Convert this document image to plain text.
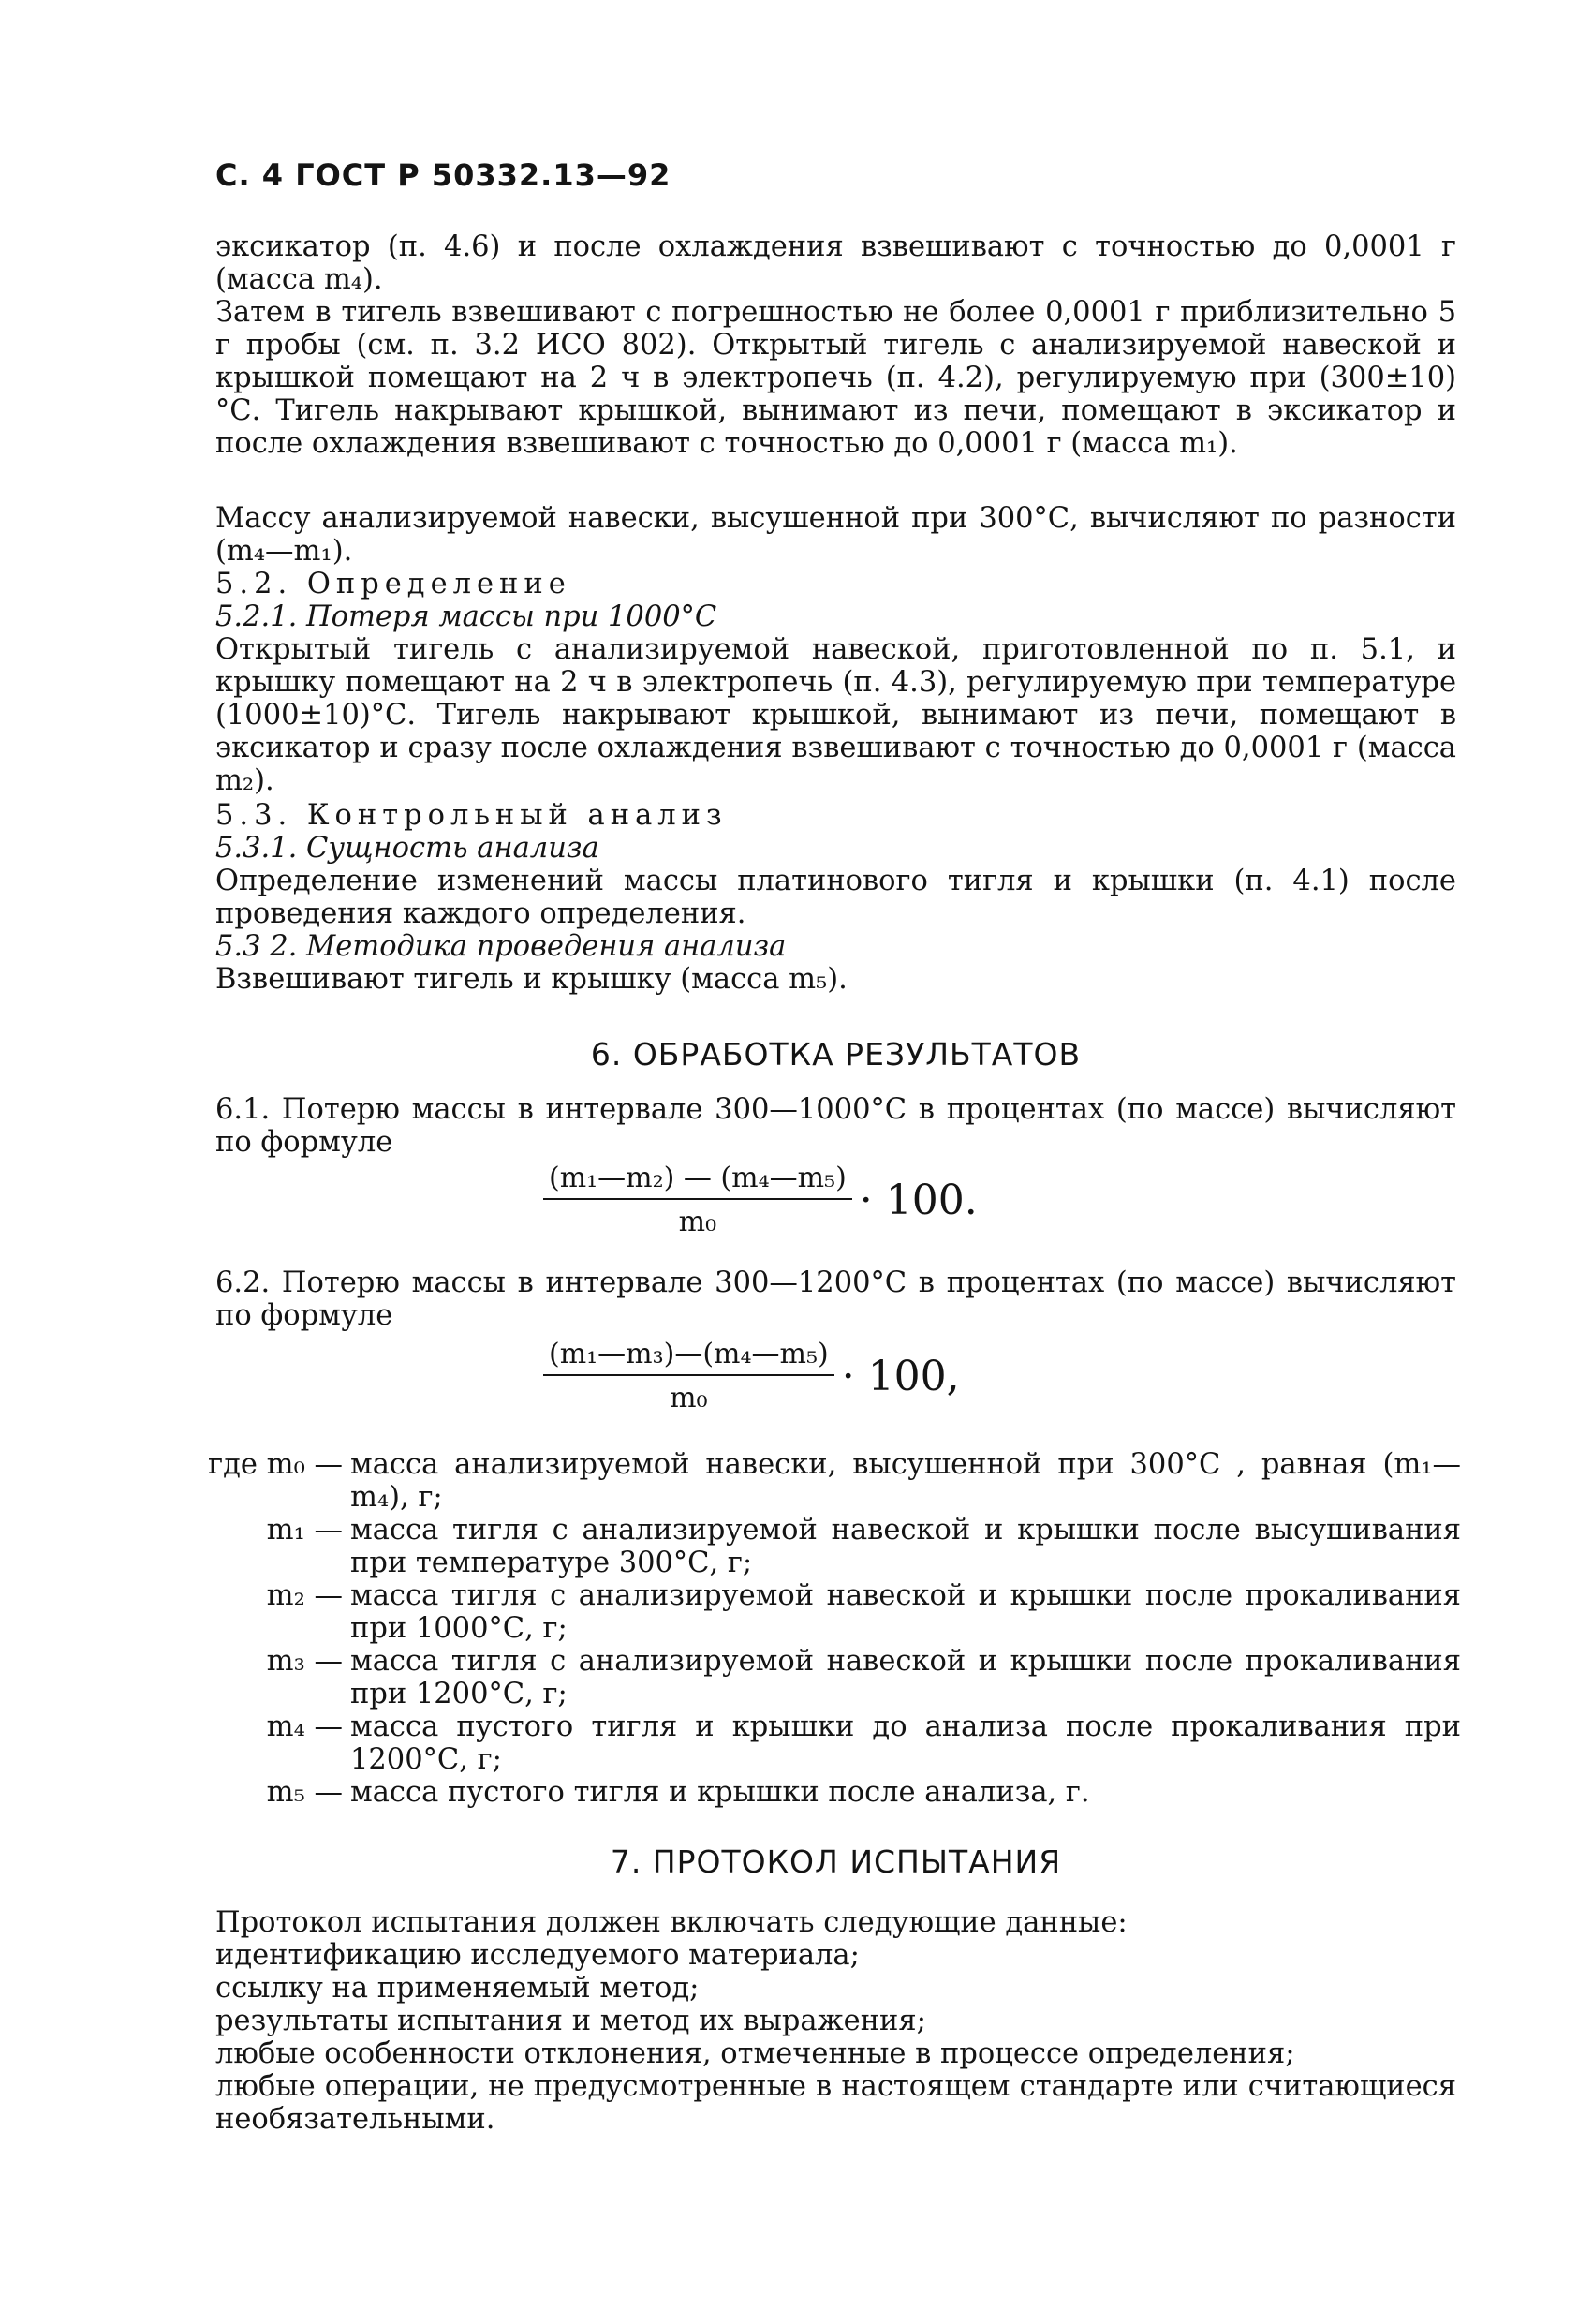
С. 4 ГОСТ Р 50332.13—92

эксикатор (п. 4.6) и после охлаждения взвешивают с точностью до 0,0001 г (масса m₄).

Затем в тигель взвешивают с погрешностью не более 0,0001 г приблизительно 5 г пробы (см. п. 3.2 ИСО 802). Открытый тигель с анализируемой навеской и крышкой помещают на 2 ч в электропечь (п. 4.2), регулируемую при (300±10)°С. Тигель накрывают крышкой, вынимают из печи, помещают в эксикатор и после охлаждения взвешивают с точностью до 0,0001 г (масса m₁).

Массу анализируемой навески, высушенной при 300°С, вычисляют по разности (m₄—m₁).

5.2. Определение

5.2.1. Потеря массы при 1000°С

Открытый тигель с анализируемой навеской, приготовленной по п. 5.1, и крышку помещают на 2 ч в электропечь (п. 4.3), регулируемую при температуре (1000±10)°С. Тигель накрывают крышкой, вынимают из печи, помещают в эксикатор и сразу после охлаждения взвешивают с точностью до 0,0001 г (масса m₂).

5.3. Контрольный анализ

5.3.1. Сущность анализа

Определение изменений массы платинового тигля и крышки (п. 4.1) после проведения каждого определения.

5.3 2. Методика проведения анализа

Взвешивают тигель и крышку (масса m₅).

6. ОБРАБОТКА РЕЗУЛЬТАТОВ

6.1. Потерю массы в интервале 300—1000°С в процентах (по массе) вычисляют по формуле

$\frac{\text{(m₁—m₂) — (m₄—m₅)}}{\text{m₀}} \cdot 100$.

6.2. Потерю массы в интервале 300—1200°С в процентах (по массе) вычисляют по формуле

$\frac{\text{(m₁—m₃)—(m₄—m₅)}}{\text{m₀}} \cdot 100$,
где m₀ — масса анализируемой навески, высушенной при 300°С , равная (m₁—m₄), г;
m₁ — масса тигля с анализируемой навеской и крышки после высушивания при температуре 300°С, г;
m₂ — масса тигля с анализируемой навеской и крышки после прокаливания при 1000°С, г;
m₃ — масса тигля с анализируемой навеской и крышки после прокаливания при 1200°С, г;
m₄ — масса пустого тигля и крышки до анализа после прокаливания при 1200°С, г;
m₅ — масса пустого тигля и крышки после анализа, г.

7. ПРОТОКОЛ ИСПЫТАНИЯ

Протокол испытания должен включать следующие данные:
идентификацию исследуемого материала;
ссылку на применяемый метод;
результаты испытания и метод их выражения;
любые особенности отклонения, отмеченные в процессе определения;
любые операции, не предусмотренные в настоящем стандарте или считающиеся необязательными.
